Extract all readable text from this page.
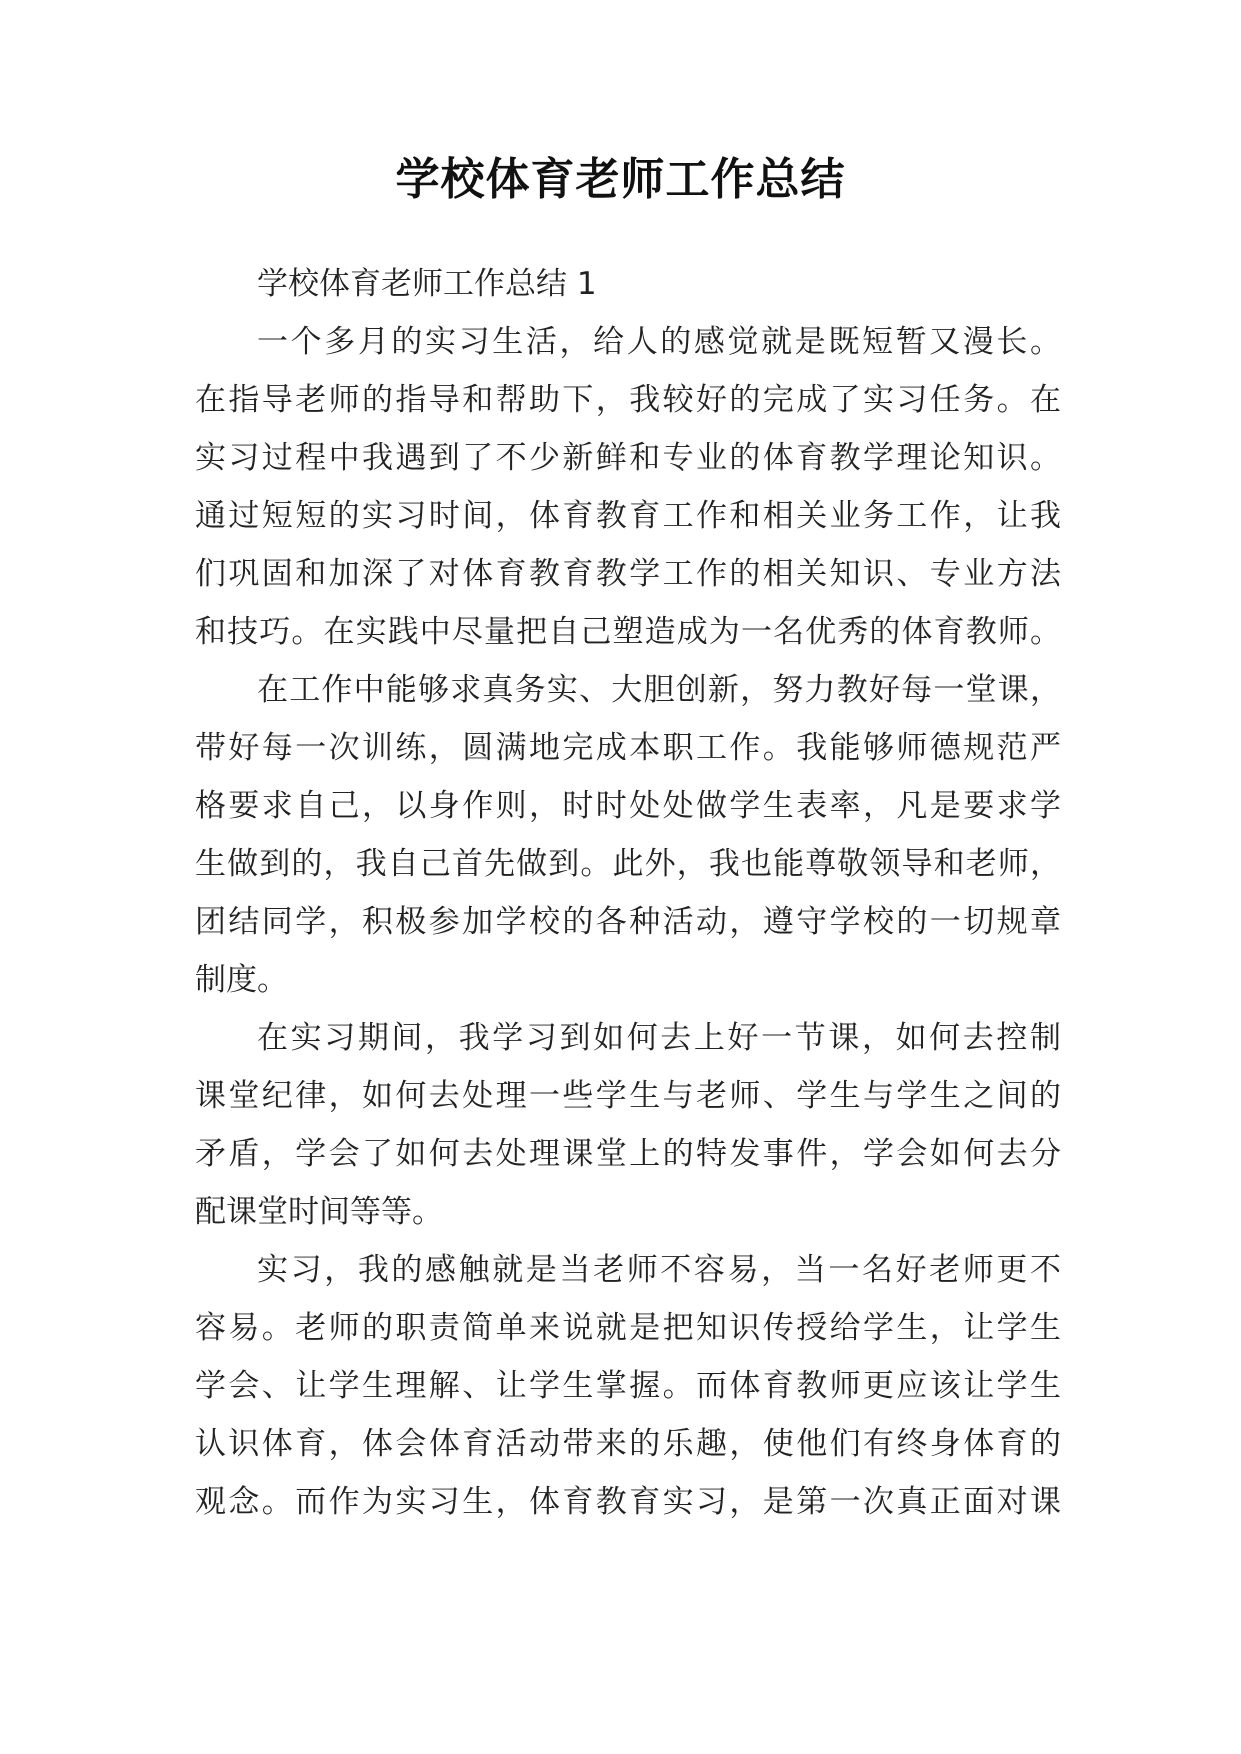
学校体育老师工作总结
学校体育老师工作总结 1
一个多月的实习生活，给人的感觉就是既短暂又漫长。
在指导老师的指导和帮助下，我较好的完成了实习任务。在
实习过程中我遇到了不少新鲜和专业的体育教学理论知识。
通过短短的实习时间，体育教育工作和相关业务工作，让我
们巩固和加深了对体育教育教学工作的相关知识、专业方法
和技巧。在实践中尽量把自己塑造成为一名优秀的体育教师。
在工作中能够求真务实、大胆创新，努力教好每一堂课，
带好每一次训练，圆满地完成本职工作。我能够师德规范严
格要求自己，以身作则，时时处处做学生表率，凡是要求学
生做到的，我自己首先做到。此外，我也能尊敬领导和老师，
团结同学，积极参加学校的各种活动，遵守学校的一切规章
制度。
在实习期间，我学习到如何去上好一节课，如何去控制
课堂纪律，如何去处理一些学生与老师、学生与学生之间的
矛盾，学会了如何去处理课堂上的特发事件，学会如何去分
配课堂时间等等。
实习，我的感触就是当老师不容易，当一名好老师更不
容易。老师的职责简单来说就是把知识传授给学生，让学生
学会、让学生理解、让学生掌握。而体育教师更应该让学生
认识体育，体会体育活动带来的乐趣，使他们有终身体育的
观念。而作为实习生，体育教育实习，是第一次真正面对课
